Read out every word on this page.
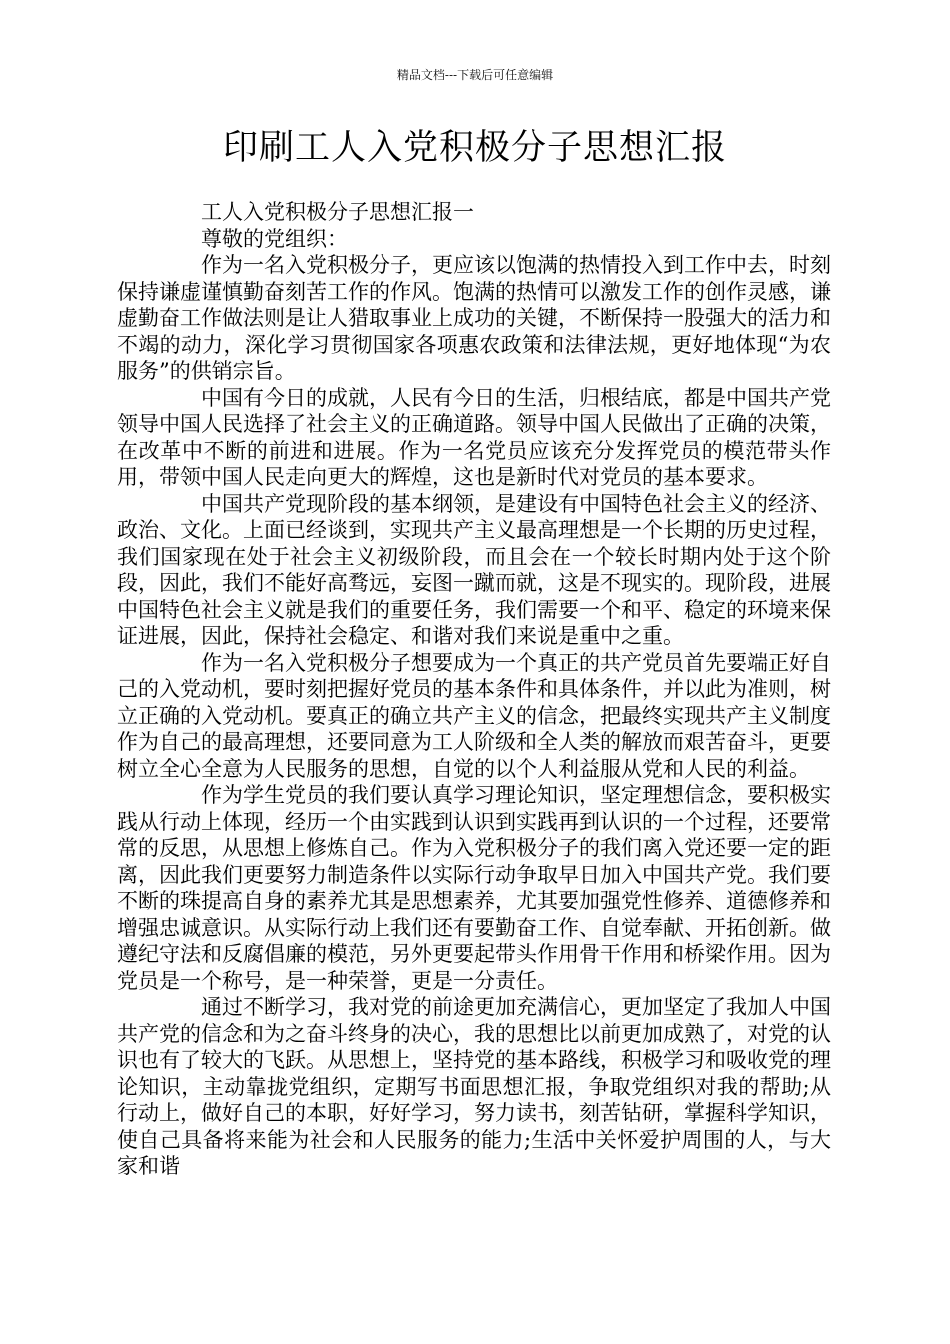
精品文档---下载后可任意编辑
印刷工人入党积极分子思想汇报
工人入党积极分子思想汇报一
尊敬的党组织：

作为一名入党积极分子，更应该以饱满的热情投入到工作中去，时刻保持谦虚谨慎勤奋刻苦工作的作风。饱满的热情可以激发工作的创作灵感，谦虚勤奋工作做法则是让人猎取事业上成功的关键，不断保持一股强大的活力和不竭的动力，深化学习贯彻国家各项惠农政策和法律法规，更好地体现“为农服务”的供销宗旨。

中国有今日的成就，人民有今日的生活，归根结底，都是中国共产党领导中国人民选择了社会主义的正确道路。领导中国人民做出了正确的决策，在改革中不断的前进和进展。作为一名党员应该充分发挥党员的模范带头作用，带领中国人民走向更大的辉煌，这也是新时代对党员的基本要求。

中国共产党现阶段的基本纲领，是建设有中国特色社会主义的经济、政治、文化。上面已经谈到，实现共产主义最高理想是一个长期的历史过程，我们国家现在处于社会主义初级阶段，而且会在一个较长时期内处于这个阶段，因此，我们不能好高骛远，妄图一蹴而就，这是不现实的。现阶段，进展中国特色社会主义就是我们的重要任务，我们需要一个和平、稳定的环境来保证进展，因此，保持社会稳定、和谐对我们来说是重中之重。

作为一名入党积极分子想要成为一个真正的共产党员首先要端正好自己的入党动机，要时刻把握好党员的基本条件和具体条件，并以此为准则，树立正确的入党动机。要真正的确立共产主义的信念，把最终实现共产主义制度作为自己的最高理想，还要同意为工人阶级和全人类的解放而艰苦奋斗，更要树立全心全意为人民服务的思想，自觉的以个人利益服从党和人民的利益。

作为学生党员的我们要认真学习理论知识，坚定理想信念，要积极实践从行动上体现，经历一个由实践到认识到实践再到认识的一个过程，还要常常的反思，从思想上修炼自己。作为入党积极分子的我们离入党还要一定的距离，因此我们更要努力制造条件以实际行动争取早日加入中国共产党。我们要不断的珠提高自身的素养尤其是思想素养，尤其要加强党性修养、道德修养和增强忠诚意识。从实际行动上我们还有要勤奋工作、自觉奉献、开拓创新。做遵纪守法和反腐倡廉的模范，另外更要起带头作用骨干作用和桥梁作用。因为党员是一个称号，是一种荣誉，更是一分责任。

通过不断学习，我对党的前途更加充满信心，更加坚定了我加人中国共产党的信念和为之奋斗终身的决心，我的思想比以前更加成熟了，对党的认识也有了较大的飞跃。从思想上，坚持党的基本路线，积极学习和吸收党的理论知识，主动靠拢党组织，定期写书面思想汇报，争取党组织对我的帮助;从行动上，做好自己的本职，好好学习，努力读书，刻苦钻研，掌握科学知识，使自己具备将来能为社会和人民服务的能力;生活中关怀爱护周围的人，与大家和谐
